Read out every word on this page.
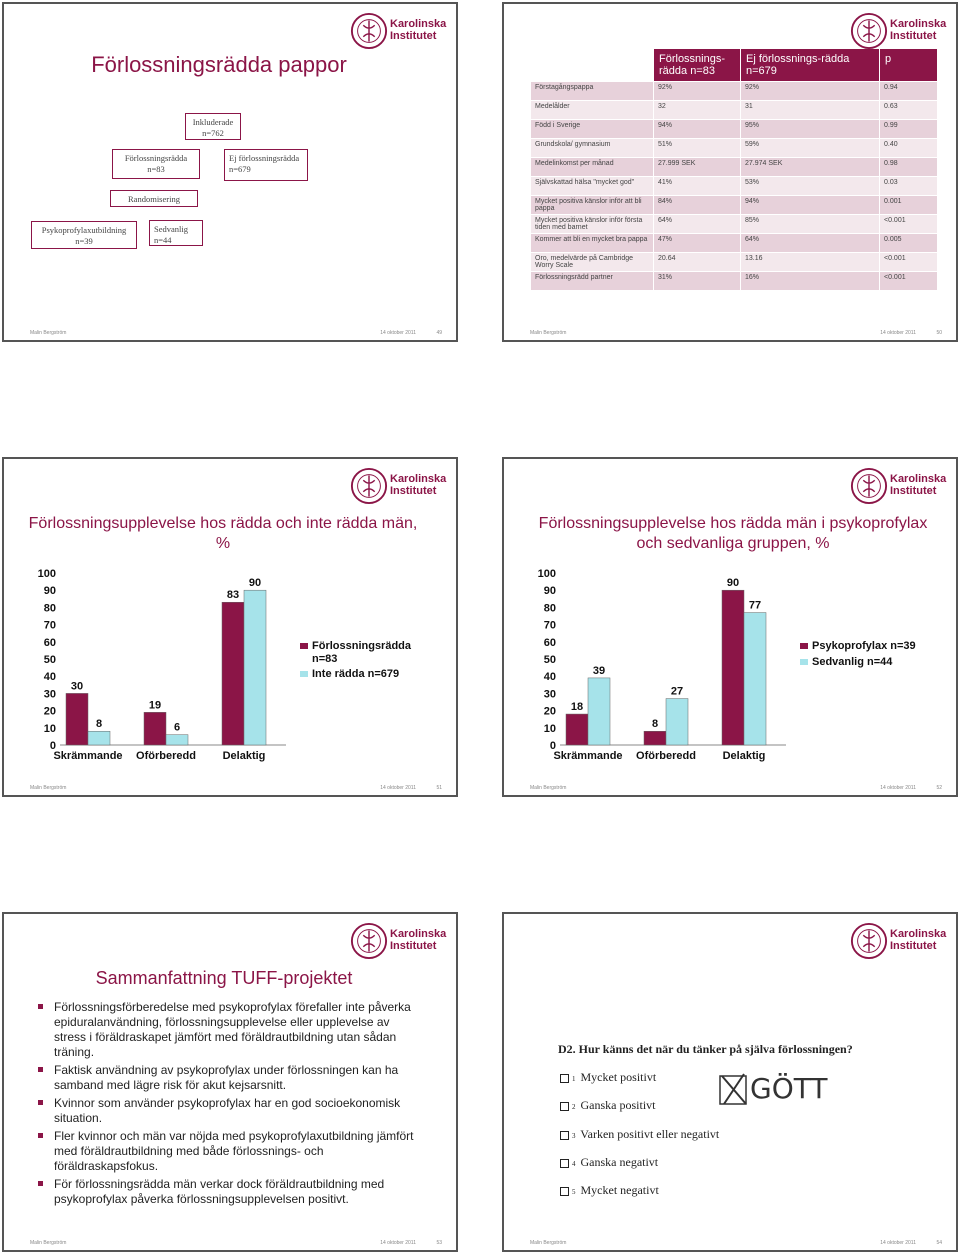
Karolinska
Institutet
Förlossningsrädda pappor
Inkluderade n=762
Förlossningsrädda n=83
Ej förlossningsrädda n=679
Randomisering
Psykoprofylaxutbildning n=39
Sedvanlig n=44
Malin Bergström	14 oktober 2011	49
Karolinska
Institutet
	Förlossnings-rädda n=83	Ej förlossnings-rädda n=679	p
Förstagångspappa	92%	92%	0.94
Medelålder	32	31	0.63
Född i Sverige	94%	95%	0.99
Grundskola/ gymnasium	51%	59%	0.40
Medelinkomst per månad	27.999 SEK	27.974 SEK	0.98
Självskattad hälsa "mycket god"	41%	53%	0.03
Mycket positiva känslor inför att bli pappa	84%	94%	0.001
Mycket positiva känslor inför första tiden med barnet	64%	85%	<0.001
Kommer att bli en mycket bra pappa	47%	64%	0.005
Oro, medelvärde på Cambridge Worry Scale	20.64	13.16	<0.001
Förlossningsrädd partner	31%	16%	<0.001
Malin Bergström	14 oktober 2011	50
Karolinska
Institutet
Förlossningsupplevelse hos rädda och inte rädda män, %
0
10
20
30
40
50
60
70
80
90
100
30
8
Skrämmande
19
6
Oförberedd
83
90
Delaktig
Förlossningsrädda n=83
Inte rädda n=679
Malin Bergström	14 oktober 2011	51
Karolinska
Institutet
Förlossningsupplevelse hos rädda män i psykoprofylax och sedvanliga gruppen, %
0
10
20
30
40
50
60
70
80
90
100
18
39
Skrämmande
8
27
Oförberedd
90
77
Delaktig
Psykoprofylax n=39
Sedvanlig n=44
Malin Bergström	14 oktober 2011	52
Karolinska
Institutet
Sammanfattning TUFF-projektet
Förlossningsförberedelse med psykoprofylax förefaller inte påverka epiduralanvändning, förlossningsupplevelse eller upplevelse av stress i föräldraskapet jämfört med föräldrautbildning utan sådan träning.
Faktisk användning av psykoprofylax under förlossningen kan ha samband med lägre risk för akut kejsarsnitt.
Kvinnor som använder psykoprofylax har en god socioekonomisk situation.
Fler kvinnor och män var nöjda med psykoprofylaxutbildning jämfört med föräldrautbildning med både förlossnings- och föräldraskapsfokus.
För förlossningsrädda män verkar dock föräldrautbildning med psykoprofylax påverka förlossningsupplevelsen positivt.
Malin Bergström	14 oktober 2011	53
Karolinska
Institutet
D2. Hur känns det när du tänker på själva förlossningen?
1 Mycket positivt
2 Ganska positivt
3 Varken positivt eller negativt
4 Ganska negativt
5 Mycket negativt
GÖTT
Malin Bergström	14 oktober 2011	54
